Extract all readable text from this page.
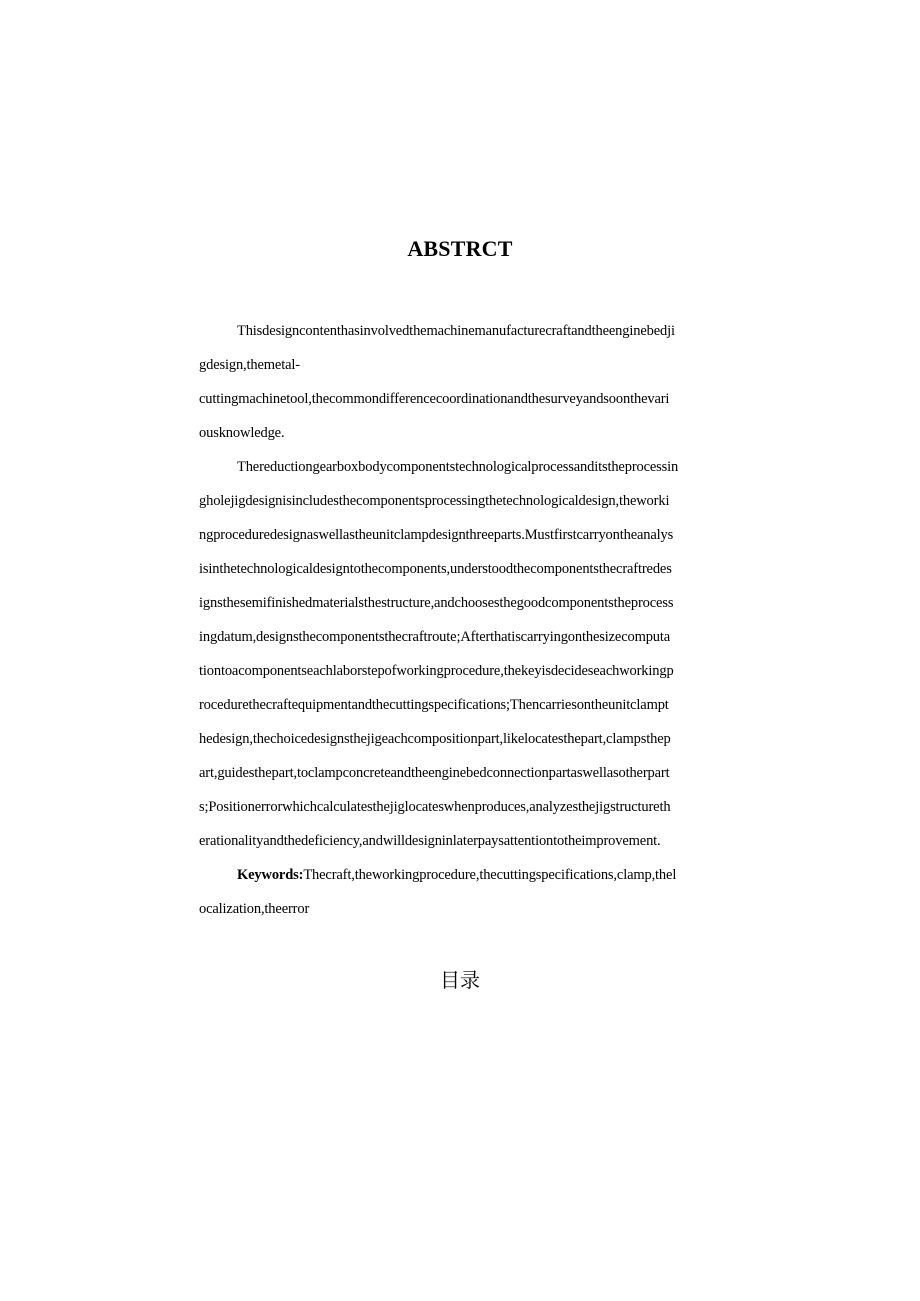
ABSTRCT
Thisdesigncontenthasinvolvedthemachinemanufacturecraftandtheenginebedji
gdesign,themetal-
cuttingmachinetool,thecommondifferencecoordinationandthesurveyandsoonthevari
ousknowledge.
Thereductiongearboxbodycomponentstechnologicalprocessanditstheprocessin
gholejigdesignisincludesthecomponentsprocessingthetechnologicaldesign,theworki
ngproceduredesignaswellastheunitclampdesignthreeparts.Mustfirstcarryontheanalys
isinthetechnologicaldesigntothecomponents,understoodthecomponentsthecraftredes
ignsthesemifinishedmaterialsthestructure,andchoosesthegoodcomponentstheprocess
ingdatum,designsthecomponentsthecraftroute;Afterthatiscarryingonthesizecomputa
tiontoacomponentseachlaborstepofworkingprocedure,thekeyisdecideseachworkingp
rocedurethecraftequipmentandthecuttingspecifications;Thencarriesontheunitclampt
hedesign,thechoicedesignsthejigeachcompositionpart,likelocatesthepart,clampsthep
art,guidesthepart,toclampconcreteandtheenginebedconnectionpartaswellasotherpart
s;Positionerrorwhichcalculatesthejiglocateswhenproduces,analyzesthejigstructureth
erationalityandthedeficiency,andwilldesigninlaterpaysattentiontotheimprovement.
Keywords:Thecraft,theworkingprocedure,thecuttingspecifications,clamp,thel
ocalization,theerror
目录
